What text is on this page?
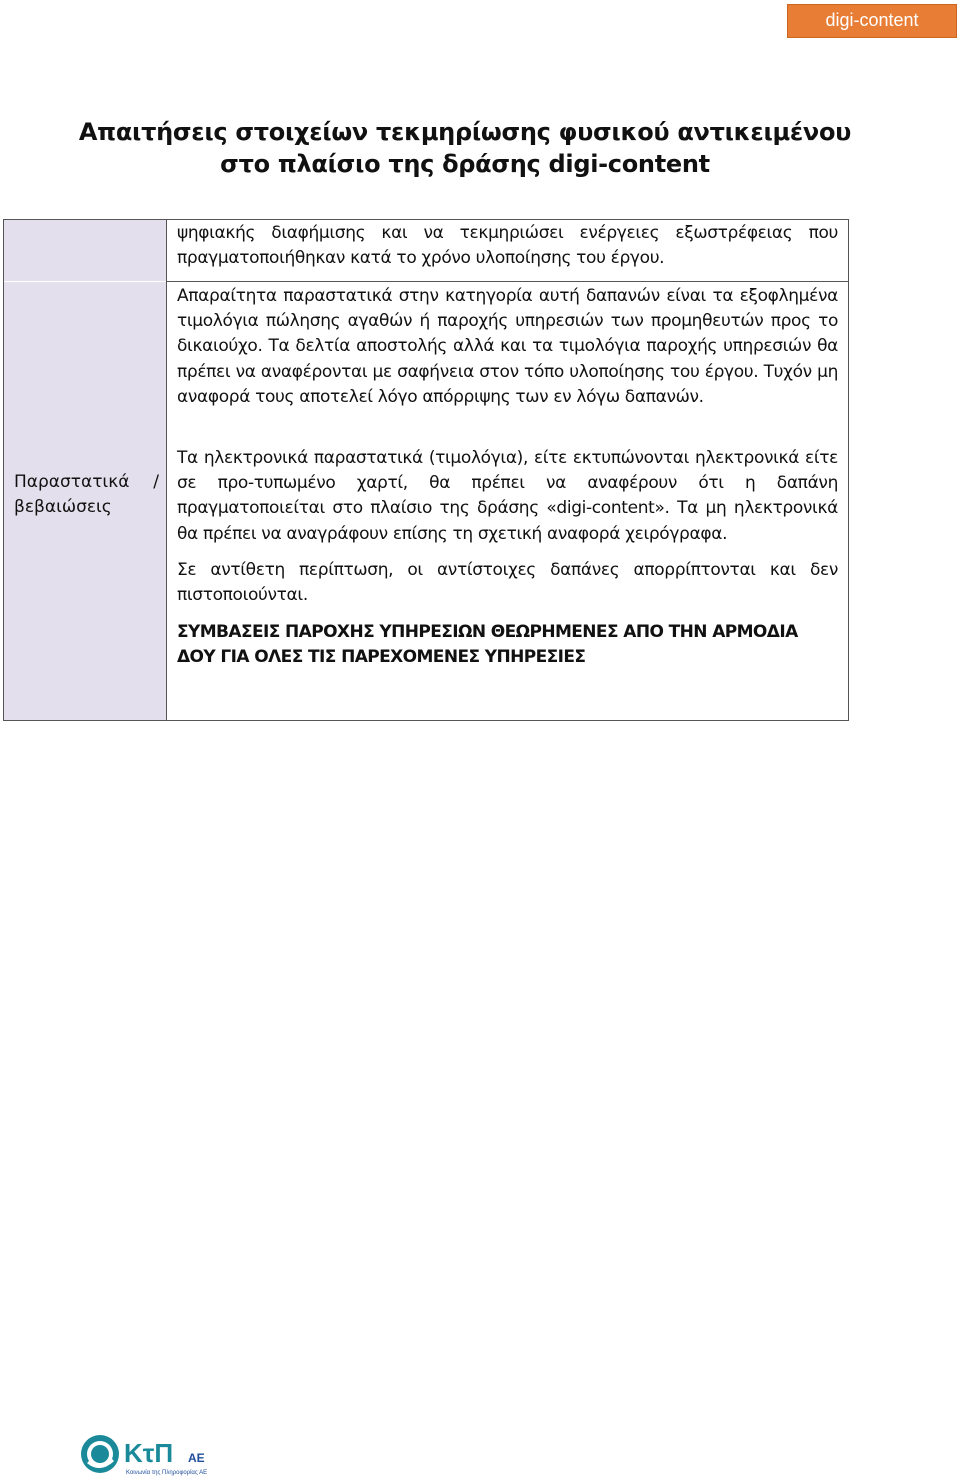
digi-content
Απαιτήσεις στοιχείων τεκμηρίωσης φυσικού αντικειμένου
στο πλαίσιο της δράσης digi-content
Παραστατικά /
βεβαιώσεις
ψηφιακής διαφήμισης και να τεκμηριώσει ενέργειες εξωστρέφειας που πραγματοποιήθηκαν κατά το χρόνο υλοποίησης του έργου.
Απαραίτητα παραστατικά στην κατηγορία αυτή δαπανών είναι τα εξοφλημένα τιμολόγια πώλησης αγαθών ή παροχής υπηρεσιών των προμηθευτών προς το δικαιούχο. Τα δελτία αποστολής αλλά και τα τιμολόγια παροχής υπηρεσιών θα πρέπει να αναφέρονται με σαφήνεια στον τόπο υλοποίησης του έργου. Τυχόν μη αναφορά τους αποτελεί λόγο απόρριψης των εν λόγω δαπανών.
Τα ηλεκτρονικά παραστατικά (τιμολόγια), είτε εκτυπώνονται ηλεκτρονικά είτε σε προ-τυπωμένο χαρτί, θα πρέπει να αναφέρουν ότι η δαπάνη πραγματοποιείται στο πλαίσιο της δράσης «digi-content». Τα μη ηλεκτρονικά θα πρέπει να αναγράφουν επίσης τη σχετική αναφορά χειρόγραφα.
Σε αντίθετη περίπτωση, οι αντίστοιχες δαπάνες απορρίπτονται και δεν πιστοποιούνται.
ΣΥΜΒΑΣΕΙΣ ΠΑΡΟΧΗΣ ΥΠΗΡΕΣΙΩΝ ΘΕΩΡΗΜΕΝΕΣ ΑΠΟ ΤΗΝ ΑΡΜΟΔΙΑ ΔΟΥ ΓΙΑ ΟΛΕΣ ΤΙΣ ΠΑΡΕΧΟΜΕΝΕΣ ΥΠΗΡΕΣΙΕΣ
ΚτΠ ΑΕ
Κοινωνία της Πληροφορίας ΑΕ
